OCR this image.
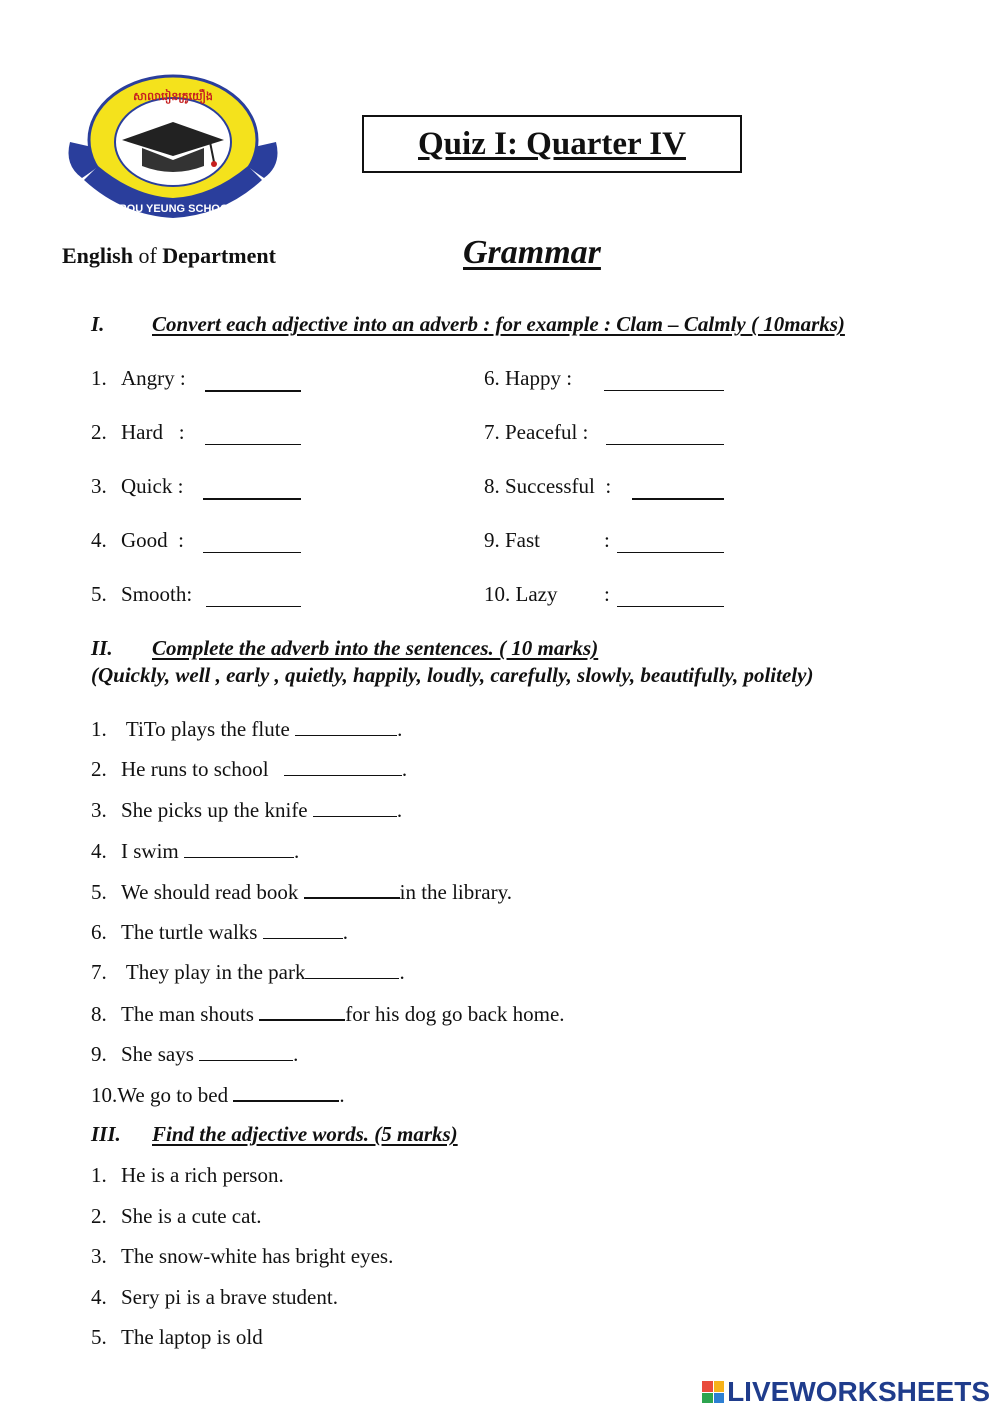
KROU YEUNG SCHOOL
សាលារៀនគ្រូយឿង
Quiz I: Quarter IV
English of Department	Grammar
I. Convert each adjective into an adverb : for example : Clam – Calmly ( 10marks)
1. Angry :
2. Hard   :
3. Quick :
4. Good  :
5. Smooth:
6. Happy :
7. Peaceful :
8. Successful  :
9. Fast	:
10. Lazy :
II. Complete the adverb into the sentences. ( 10 marks)
(Quickly, well , early , quietly, happily, loudly, carefully, slowly, beautifully, politely)
1. TiTo plays the flute	.
2. He runs to school	.
3. She picks up the knife	.
4. I swim	.
5. We should read book	in the library.
6. The turtle walks	.
7. They play in the park	.
8. The man shouts	for his dog go back home.
9. She says	.
10.We go to bed	.
III. Find the adjective words. (5 marks)
1. He is a rich person.
2. She is a cute cat.
3. The snow-white has bright eyes.
4. Sery pi is a brave student.
5. The laptop is old
LIVEWORKSHEETS
